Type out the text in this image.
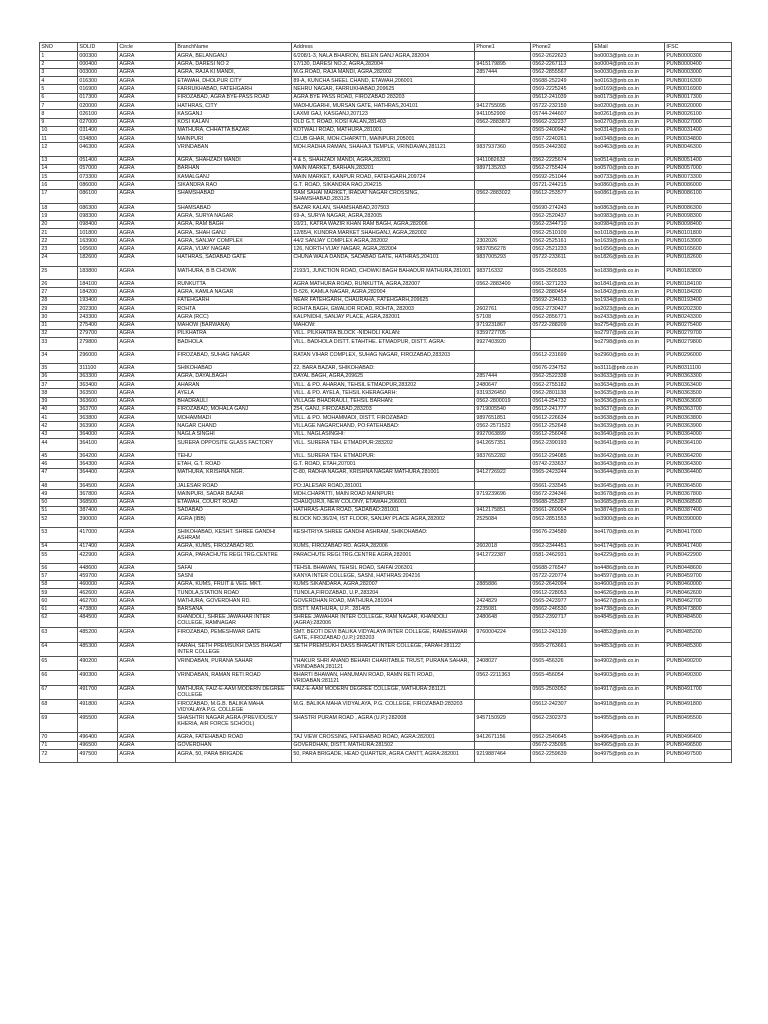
SNO	SOLID	Circle	BranchName	Address	Phone1	Phone2	EMail	IFSC
1	000300	AGRA	AGRA, BELANGANJ	6/208/1-3, NALA BHAIRON, BELEN GANJ AGRA,282004		0562-2622623	bo0003@pnb.co.in	PUNB0000300
2	000400	AGRA	AGRA, DARESI NO 2	17/130, DARESI NO.2, AGRA,282004	9415179895	0562-2267113	bo0004@pnb.co.in	PUNB0000400
3	003000	AGRA	AGRA, RAJA KI MANDI,	M.G.ROAD, RAJA MANDI, AGRA,282002	2857444	0562-2855567	bo0030@pnb.co.in	PUNB0003000
4	016300	AGRA	ETAWAH, DHOLPUR CITY	89-A, KUNCHA SHEEL CHAND, ETAWAH,206001		05688-252249	bo0163@pnb.co.in	PUNB0016300
5	016900	AGRA	FARRUKHABAD, FATEHGARH	NEHRU NAGAR, FARRUKHABAD,209625		0569-2225245	bo0169@pnb.co.in	PUNB0016900
6	017300	AGRA	FIROZABAD, AGRA BYE-PASS ROAD	AGRA BYE PASS ROAD, FIROZABAD 283203		05612-241039	bo0173@pnb.co.in	PUNB0017300
7	020000	AGRA	HATHRAS, CITY	MADHUGARHI, MURSAN GATE, HATHRAS,204101	9412755095	05722-232159	bo0200@pnb.co.in	PUNB0020000
8	026100	AGRA	KASGANJ	LAXMI GAJ, KASGANJ,207123	9411052900	05744-244607	bo0261@pnb.co.in	PUNB0026100
9	027000	AGRA	KOSI KALAN	OLD G.T. ROAD, KOSI KALAN,281403	0562-2883872	05662-232237	bo0270@pnb.co.in	PUNB0027000
10	031400	AGRA	MATHURA, CHHATTA BAZAR	KOTWALI ROAD, MATHURA,281001		0565-2400942	bo0314@pnb.co.in	PUNB0031400
11	034800	AGRA	MAINPURI	CLUB GHAR, MOH.CHAPATTI, MAINPURI,205001		0567-2240261	bo0348@pnb.co.in	PUNB0034800
12	046300	AGRA	VRINDABAN	MOH.RADHA RAMAN, SHAHAJI TEMPLE, VRINDAVAN,281121	9837937360	0565-2442302	bo0463@pnb.co.in	PUNB0046300
13	051400	AGRA	AGRA, SHAHZADI MANDI	4 & 5, SHAHZADI MANDI, AGRA,282001	9411082632	0562-2225674	bo0514@pnb.co.in	PUNB0051400
14	057000	AGRA	BARHAN	MAIN MARKET, BARHAN,283201	9897135203	0562-2755424	bo0570@pnb.co.in	PUNB0057000
15	073300	AGRA	KAMALGANJ	MAIN MARKET, KANPUR ROAD, FATEHGARH,209724		05692-251044	bo0733@pnb.co.in	PUNB0073300
16	086000	AGRA	SIKANDRA RAO	G.T. ROAD, SIKANDRA RAO,204215		05721-244215	bo0860@pnb.co.in	PUNB0086000
17	086100	AGRA	SHAMSHABAD	RAM SAHAI MARKET, IRADAT NAGAR CROSSING, SHAMSHABAD,283125	0562-2883022	05612-253577	bo0861@pnb.co.in	PUNB0086100
18	086300	AGRA	SHAMSABAD	BAZAR KALAN, SHAMSHABAD,207503		05690-274243	bo0863@pnb.co.in	PUNB0086300
19	098300	AGRA	AGRA, SURYA NAGAR	69-A, SURYA NAGAR, AGRA,282005		0562-2520437	bo0983@pnb.co.in	PUNB0098300
20	098400	AGRA	AGRA, RAM BAGH	10/21, KATRA WAZIR KHAN RAM BAGH, AGRA,282006		0562-2344710	bo0984@pnb.co.in	PUNB0098400
21	101800	AGRA	AGRA, SHAH GANJ	12/85/4, KUNDRA MARKET SHAHGANJ, AGRA,282002		0562-2510109	bo1018@pnb.co.in	PUNB0101800
22	163900	AGRA	AGRA, SANJAY COMPLEX	44/2 SANJAY COMPLEX AGRA,282002	2302026	0562-2525161	bo1639@pnb.co.in	PUNB0163900
23	165600	AGRA	AGRA, VIJAY NAGAR	126, NORTH VIJAY NAGAR, AGRA,282004	9837056278	0562-2521233	bo1656@pnb.co.in	PUNB0165600
24	182600	AGRA	HATHRAS, SADABAD GATE	CHUNA WALA DANDA, SADABAD GATE, HATHRAS,204101	9837005293	05722-233611	bo1826@pnb.co.in	PUNB0182600
25	183800	AGRA	MATHURA, B B CHOWK	2193/1, JUNCTION ROAD, CHOWKI BAGH BAHADUR MATHURA,281001	983716332	0565-2505935	bo1838@pnb.co.in	PUNB0183800
26	184100	AGRA	RUNKUTTA	AGRA MATHURA ROAD, RUNKUTTA, AGRA,282007	0562-2883400	0561-3271233	bo1841@pnb.co.in	PUNB0184100
27	184200	AGRA	AGRA, KAMLA NAGAR	D-526, KAMLA NAGAR, AGRA,282004		0562-2880454	bo1842@pnb.co.in	PUNB0184200
28	193400	AGRA	FATEHGARH	NEAR FATEHGARH, CHAURAHA, FATEHGARH,209625		05692-234613	bo1934@pnb.co.in	PUNB0193400
29	202300	AGRA	ROHTA	ROHTA BAGH, GWALIOR ROAD, ROHTA, 282003	2602761	0562-2730427	bo2023@pnb.co.in	PUNB0202300
30	243300	AGRA	AGRA (RCC)	KALPNIDHI, SANJAY PLACE, AGRA,282001	57108	0562-2856771	bo2433@pnb.co.in	PUNB0243300
31	275400	AGRA	MAHOW (BARWANA)	MAHOW:	9719231867	05722-288209	bo2754@pnb.co.in	PUNB0275400
32	279700	AGRA	PILKHATRA	VILL. PILKHATRA BLOCK -NIDHOLI KALAN:	9359727705		bo2797@pnb.co.in	PUNB0279700
33	279800	AGRA	BADHOLA	VILL. BADHOLA DISTT. ETAHTHE. ETMADPUR, DISTT. AGRA:	9927403920		bo2798@pnb.co.in	PUNB0279800
34	296000	AGRA	FIROZABAD, SUHAG NAGAR	RATAN VIHAR COMPLEX, SUHAG NAGAR, FIROZABAD,283203		05612-231699	bo2960@pnb.co.in	PUNB0296000
35	311100	AGRA	SHIKOHABAD	22, BARA BAZAR, SHIKOHABAD:		05676-234752	bo3111@pnb.co.in	PUNB0311100
36	363300	AGRA	AGRA, DAYALBAGH	DAYAL BAGH, AGRA,209625	2857444	0562-2522338	bo3633@pnb.co.in	PUNB0363300
37	363400	AGRA	AHARAN	VILL. & PO. AHARAN, TEHSIL ETMADPUR,283202	2480647	0562-2755182	bo3634@pnb.co.in	PUNB0363400
38	363500	AGRA	AYELA	VILL. & PO. AYELA, TEHSIL KHERAGARH:	9319326450	0562-2801138	bo3635@pnb.co.in	PUNB0363500
39	363600	AGRA	BHADRAULI	VILLAGE BHADRAULI, TEHSIL BARHAN:	0562-2800019	05614-254732	bo3636@pnb.co.in	PUNB0363600
40	363700	AGRA	FIROZABAD, MOHALA GANJ	254, GANJ, FIROZABAD,283203	9719005540	05612-241777	bo3637@pnb.co.in	PUNB0363700
41	363800	AGRA	MOHAMMADI	VILL. & PO. MOHAMMADI, DISTT. FIROZABAD:	9897651851	05612-226634	bo3638@pnb.co.in	PUNB0363800
42	363900	AGRA	NAGAR CHAND	VILLAGE NAGARCHAND, PO:FATEHABAD:	0562-2571522	05612-252648	bo3639@pnb.co.in	PUNB0363900
43	364000	AGRA	NAGLA SINGHI	VILL. NAGLASINGHI:	9927063899	05612-256048	bo3640@pnb.co.in	PUNB0364000
44	364100	AGRA	SURERA OPPOSITE GLASS FACTORY	VILL. SURERA TEH. ETMADPUR:283202	9412657351	0562-2390193	bo3641@pnb.co.in	PUNB0364100
45	364200	AGRA	TEHU	VILL. SURERA TEH. ETMADPUR:	9837652282	05612-294085	bo3642@pnb.co.in	PUNB0364200
46	364300	AGRA	ETAH, G.T. ROAD	G.T. ROAD, ETAH,207001		05742-233637	bo3643@pnb.co.in	PUNB0364300
47	364400	AGRA	MATHURA, KRISHNA NGR.	C-80, RADHA NAGAR, KRISHNA NAGAR MATHURA,281001	9412726922	0565-2423244	bo3644@pnb.co.in	PUNB0364400
48	364500	AGRA	JALESAR ROAD	PO:JALESAR ROAD,281001		05661-233545	bo3645@pnb.co.in	PUNB0364500
49	367800	AGRA	MAINPURI, SADAR BAZAR	MOH.CHAPATTI, MAIN ROAD MAINPURI:	9719239696	05672-234346	bo3678@pnb.co.in	PUNB0367800
50	368500	AGRA	ETAWAH, COURT ROAD	CHAUQURJI, NEW COLONY, ETAWAH,206001		05688-255287	bo3685@pnb.co.in	PUNB0368500
51	387400	AGRA	SADABAD	HATHRAS-AGRA ROAD, SADABAD:281001	9412175851	05661-260004	bo3874@pnb.co.in	PUNB0387400
52	390000	AGRA	AGRA (IBB)	BLOCK NO.36/2/4, IST FLOOR, SANJAY PLACE AGRA,282002	2525084	0562-2851553	bo3900@pnb.co.in	PUNB0390000
53	417000	AGRA	SHIKOHABAD, KESHT. SHREE GANDHI ASHRAM	KESHTRIYA SHREE GANDHI ASHRAM, SHIKOHABAD:		05676-234589	bo4170@pnb.co.in	PUNB0417000
54	417400	AGRA	AGRA, KUMS, FIROZABAD RD.	KUMS, FIROZABAD RD. AGRA,282006	2602018	0562-2344451	bo4174@pnb.co.in	PUNB0417400
55	422900	AGRA	AGRA, PARACHUTE REGI.TRG.CENTRE	PARACHUTE REGI.TRG.CENTRE AGRA,282001	9412722387	0581-2462931	bo4229@pnb.co.in	PUNB0422900
56	448600	AGRA	SAFAI	TEHSIL BHAWAN, TEHSIL ROAD, SAIFAI:206301		05688-276547	bo4486@pnb.co.in	PUNB0448600
57	459700	AGRA	SASNI	KANYA INTER COLLEGE, SASNI, HATHRAS:204216		05722-220774	bo4597@pnb.co.in	PUNB0459700
58	460000	AGRA	AGRA, KUMS, FRUIT & VEG. MKT.	KUMS SIKANDARA, AGRA,282007	2885886	0562-2642094	bo4600@pnb.co.in	PUNB0460000
59	462600	AGRA	TUNDLA,STATION ROAD	TUNDLA,FIROZABAD, U.P.,283204		05612-228053	bo4626@pnb.co.in	PUNB0462600
60	462700	AGRA	MATHURA, GOVERDHAN RD.	GOVERDHAN ROAD, MATHURA,281004	2424829	0565-2423977	bo4627@pnb.co.in	PUNB0462700
61	473800	AGRA	BARSANA	DISTT. MATHURA, U.P.. 281405	2235081	05662-246530	bo4738@pnb.co.in	PUNB0473800
62	484500	AGRA	KHANDOLI, SHREE JAWAHAR INTER COLLEGE, RAMNAGAR	SHREE JAWAHAR INTER COLLEGE, RAM NAGAR, KHANDOLI (AGRA):282006	2480648	0562-2392717	bo4845@pnb.co.in	PUNB0484500
63	485200	AGRA	FIROZABAD, PEMESHWAR GATE	SMT. BEOTI DEVI BALIKA VIDYALAYA INTER COLLEGE, RAMESHWAR GATE, FIROZABAD (U.P.):283203	9760004224	05612-243139	bo4852@pnb.co.in	PUNB0485200
64	485300	AGRA	FARAH, SETH PREMSUKH DASS BHAGAT INTER COLLEGE	SETH PREMSUKH DASS BHAGAT INTER COLLEGE, FARAH:281122		0565-2763661	bo4853@pnb.co.in	PUNB0485300
65	490200	AGRA	VRINDABAN, PURANA SAHAR	THAKUR SHRI ANAND BEHARI CHARITABLE TRUST, PURANA SAHAR, VRINDABAN,281121	2408027	0565-456326	bo4902@pnb.co.in	PUNB0490200
66	490300	AGRA	VRINDABAN, RAMAN RETI ROAD	BHARTI BHAWAN, HANUMAN ROAD, RAMN RETI ROAD, VRIDABAN:281121	0562-2211363	0565-456054	bo4903@pnb.co.in	PUNB0490300
67	491700	AGRA	MATHURA, FAIZ-E-AAM MODERN DEGREE COLLEGE	FAIZ-E-AAM MODERN DEGREE COLLEGE, MATHURA:281121		0565-2503052	bo4917@pnb.co.in	PUNB0491700
68	491800	AGRA	FIROZABAD, M.G.B. BALIKA MAHA VIDYALAYA P.G. COLLEGE	M.G. BALIKA MAHA VIDYALAYA, P.G. COLLEGE, FIROZABAD:283203		05612-242307	bo4918@pnb.co.in	PUNB0491800
69	495500	AGRA	SHASHTRI NAGAR,AGRA (PREVIOUSLY KHERIA, AIR FORCE SCHOOL)	SHASTRI PURAM ROAD , AGRA (U.P.):282008	9457150929	0562-2302373	bo4955@pnb.co.in	PUNB0495500
70	496400	AGRA	AGRA, FATEHABAD ROAD	TAJ VIEW CROSSING, FATEHABAD ROAD, AGRA:282001	9412671156	0562-2540645	bo4964@pnb.co.in	PUNB0496400
71	496500	AGRA	GOVERDHAN	GOVERDHAN, DISTT. MATHURA:281502		05672-235095	bo4965@pnb.co.in	PUNB0496500
72	497500	AGRA	AGRA, 50, PARA BRIGADE	50, PARA BRIGADE, HEAD QUARTER, AGRA CANTT, AGRA:282001	9219887464	0562-2259639	bo4975@pnb.co.in	PUNB0497500
